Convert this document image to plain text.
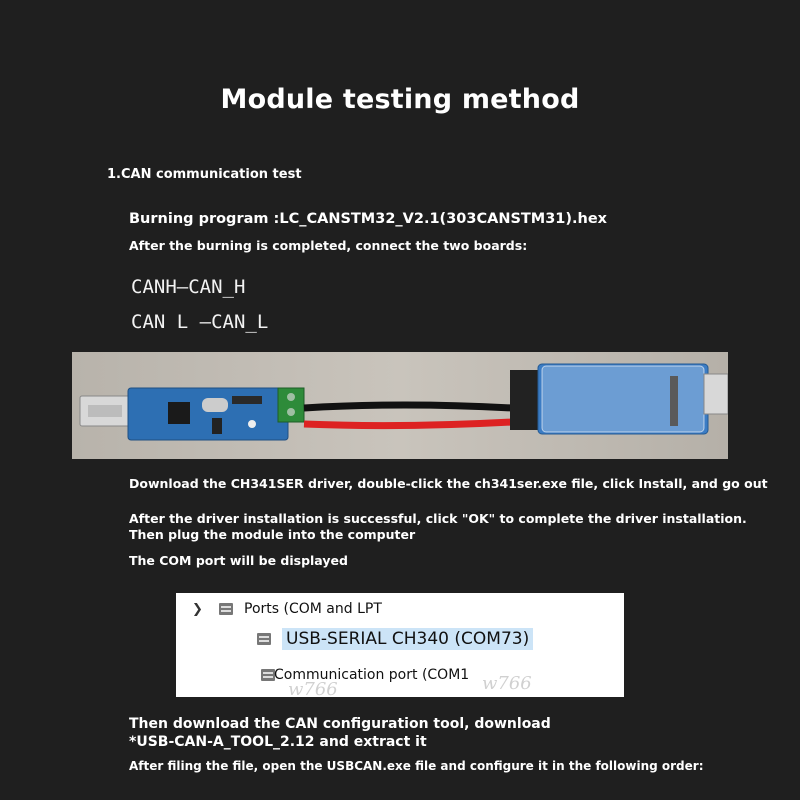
Module testing method
1.CAN communication test
Burning program :LC_CANSTM32_V2.1(303CANSTM31).hex
After the burning is completed, connect the two boards:
CANH—CAN_H
CAN L —CAN_L
Download the CH341SER driver, double-click the ch341ser.exe file, click Install, and go out
After the driver installation is successful, click "OK" to complete the driver installation.
Then plug the module into the computer
The COM port will be displayed
❯	Ports (COM and LPT
USB-SERIAL CH340 (COM73)
Communication port (COM1
w766	w766
Then download the CAN configuration tool, download
*USB-CAN-A_TOOL_2.12 and extract it
After filing the file, open the USBCAN.exe file and configure it in the following order:
